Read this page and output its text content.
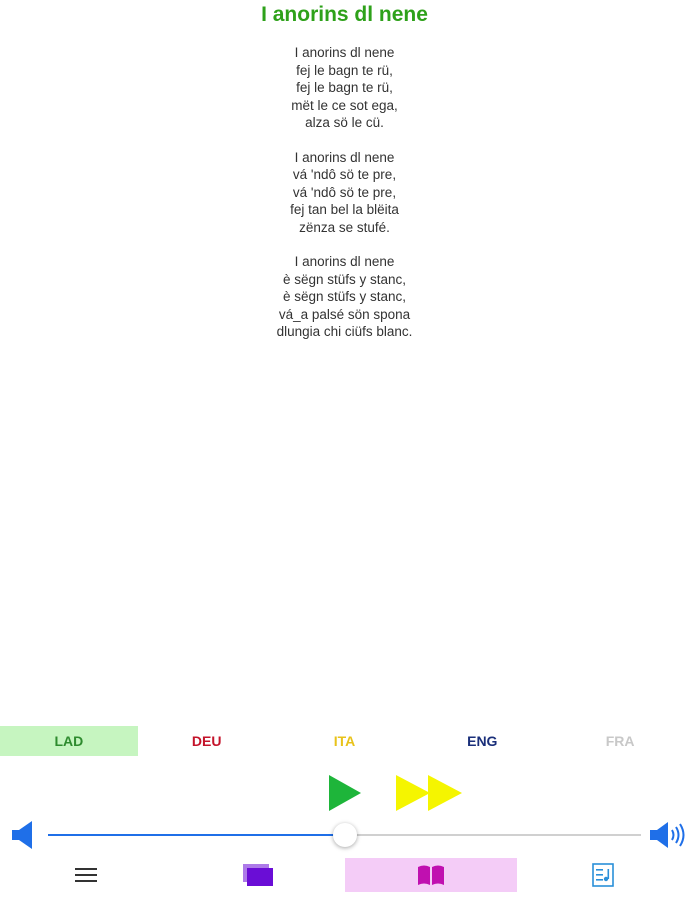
I anorins dl nene
I anorins dl nene
fej le bagn te rü,
fej le bagn te rü,
mët le ce sot ega,
alza sö le cü.
I anorins dl nene
vá 'ndô sö te pre,
vá 'ndô sö te pre,
fej tan bel la blëita
zënza se stufé.
I anorins dl nene
è sëgn stüfs y stanc,
è sëgn stüfs y stanc,
vá_a palsé sön spona
dlungia chi ciüfs blanc.
LAD	DEU	ITA	ENG	FRA
